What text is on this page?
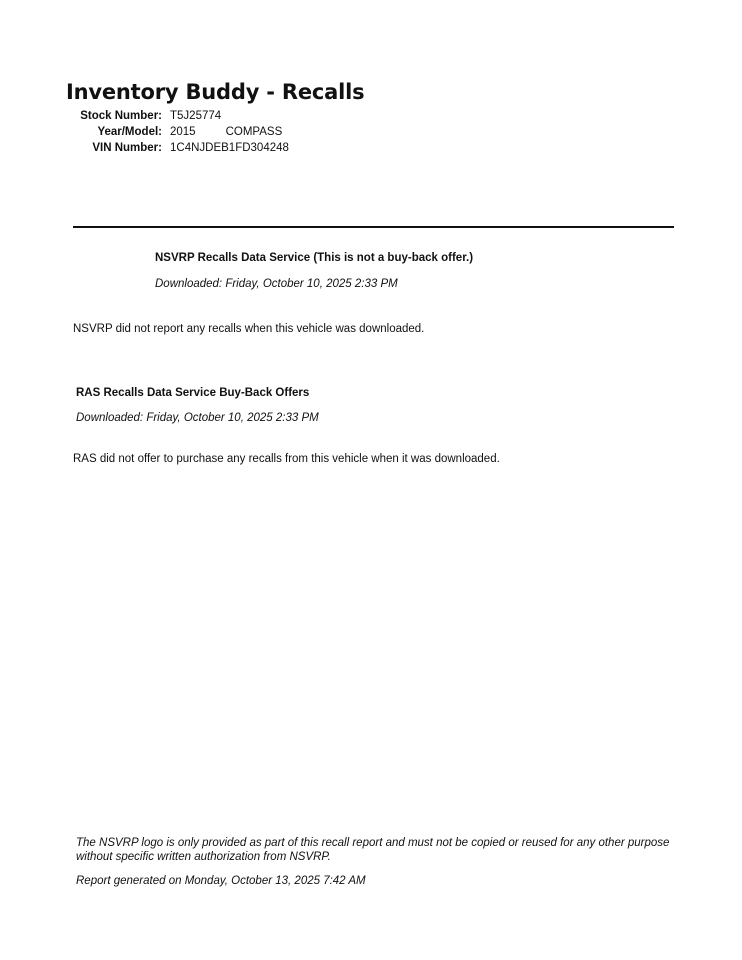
Inventory Buddy - Recalls
Stock Number: T5J25774
Year/Model: 2015	COMPASS
VIN Number: 1C4NJDEB1FD304248
NSVRP Recalls Data Service (This is not a buy-back offer.)
Downloaded: Friday, October 10, 2025 2:33 PM
NSVRP did not report any recalls when this vehicle was downloaded.
RAS Recalls Data Service Buy-Back Offers
Downloaded: Friday, October 10, 2025 2:33 PM
RAS did not offer to purchase any recalls from this vehicle when it was downloaded.
The NSVRP logo is only provided as part of this recall report and must not be copied or reused for any other purpose without specific written authorization from NSVRP.
Report generated on Monday, October 13, 2025 7:42 AM
